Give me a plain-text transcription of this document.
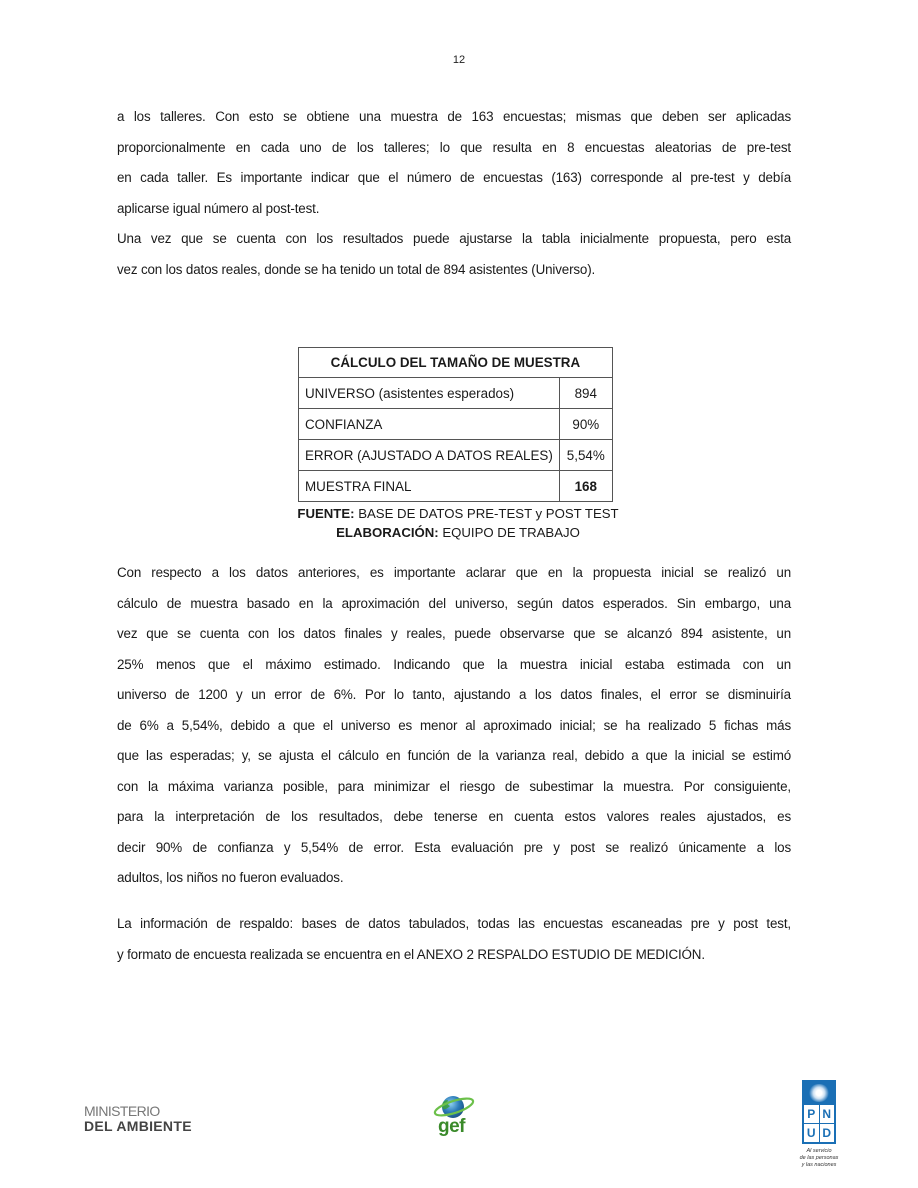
12
a los talleres. Con esto se obtiene una muestra de 163 encuestas; mismas que deben ser aplicadas
proporcionalmente en cada uno de los talleres; lo que resulta en 8 encuestas aleatorias de pre-test
en cada taller. Es importante indicar que el número de encuestas (163) corresponde al pre-test y debía
aplicarse igual número al post-test.
Una vez que se cuenta con los resultados puede ajustarse la tabla inicialmente propuesta, pero esta
vez con los datos reales, donde se ha tenido un total de 894 asistentes (Universo).
CÁLCULO DEL TAMAÑO DE MUESTRA	
UNIVERSO (asistentes esperados)	894
CONFIANZA	90%
ERROR (AJUSTADO A DATOS REALES)	5,54%
MUESTRA FINAL	168
FUENTE: BASE DE DATOS PRE-TEST y POST TEST
ELABORACIÓN: EQUIPO DE TRABAJO
Con respecto a los datos anteriores, es importante aclarar que en la propuesta inicial se realizó un
cálculo de muestra basado en la aproximación del universo, según datos esperados. Sin embargo, una
vez que se cuenta con los datos finales y reales, puede observarse que se alcanzó 894 asistente, un
25% menos que el máximo estimado. Indicando que la muestra inicial estaba estimada con un
universo de 1200 y un error de 6%. Por lo tanto, ajustando a los datos finales, el error se disminuiría
de 6% a 5,54%, debido a que el universo es menor al aproximado inicial; se ha realizado 5 fichas más
que las esperadas; y, se ajusta el cálculo en función de la varianza real, debido a que la inicial se estimó
con la máxima varianza posible, para minimizar el riesgo de subestimar la muestra. Por consiguiente,
para la interpretación de los resultados, debe tenerse en cuenta estos valores reales ajustados, es
decir 90% de confianza y 5,54% de error. Esta evaluación pre y post se realizó únicamente a los
adultos, los niños no fueron evaluados.
La información de respaldo: bases de datos tabulados, todas las encuestas escaneadas pre y post test,
y formato de encuesta realizada se encuentra en el ANEXO 2 RESPALDO ESTUDIO DE MEDICIÓN.
MINISTERIO
DEL AMBIENTE	gef
P N
U D
Al servicio
de las personas
y las naciones
